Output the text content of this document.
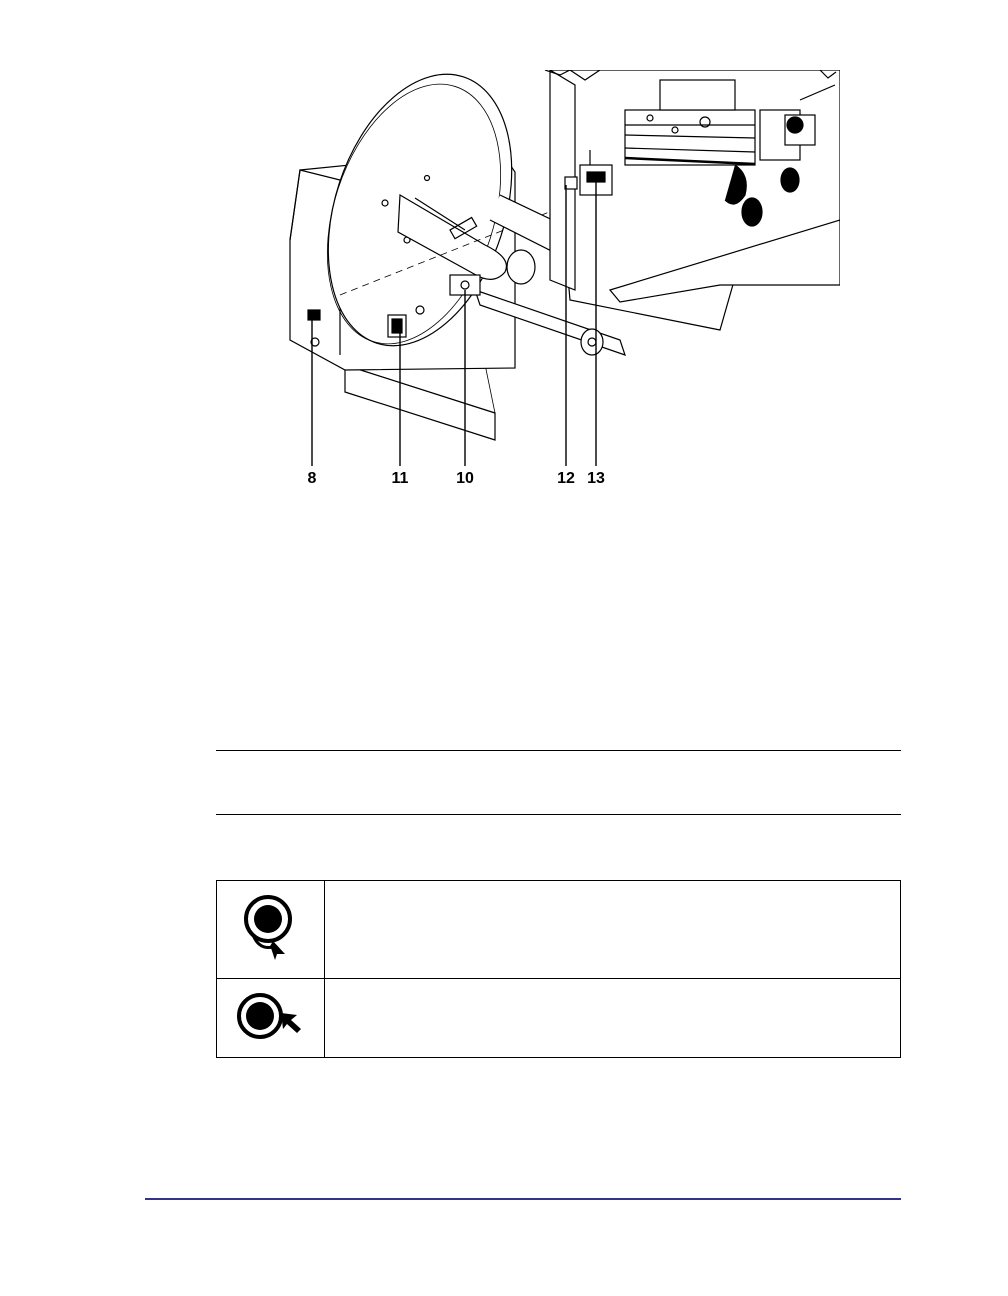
8	11	10	12 13
